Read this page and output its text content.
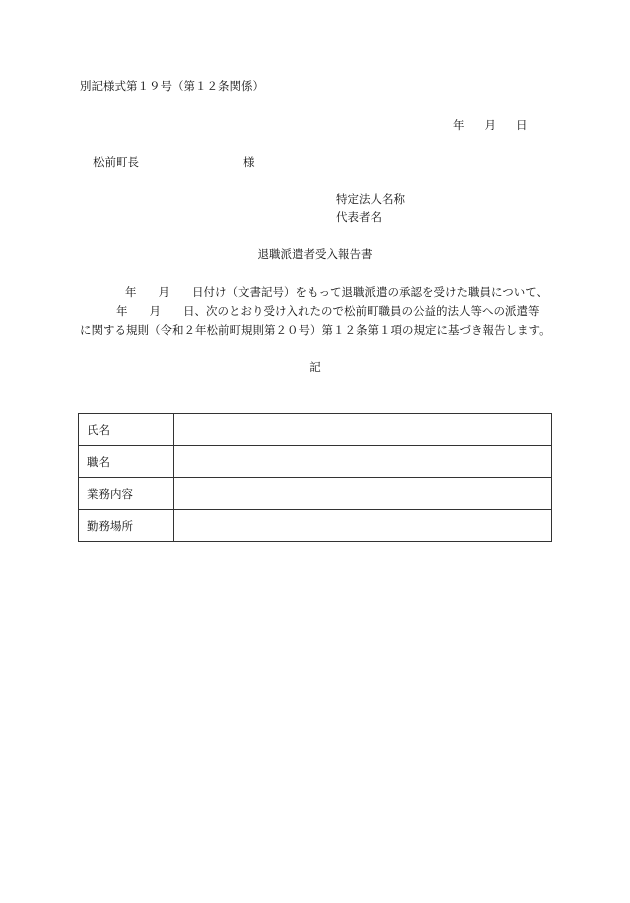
別記様式第１９号（第１２条関係）
年 月 日
松前町長	様
特定法人名称
代表者名
退職派遣者受入報告書
年 月 日付け（文書記号）をもって退職派遣の承認を受けた職員について、
年 月 日、次のとおり受け入れたので松前町職員の公益的法人等への派遣等
に関する規則（令和２年松前町規則第２０号）第１２条第１項の規定に基づき報告します。
記
氏名	
職名	
業務内容	
勤務場所	
